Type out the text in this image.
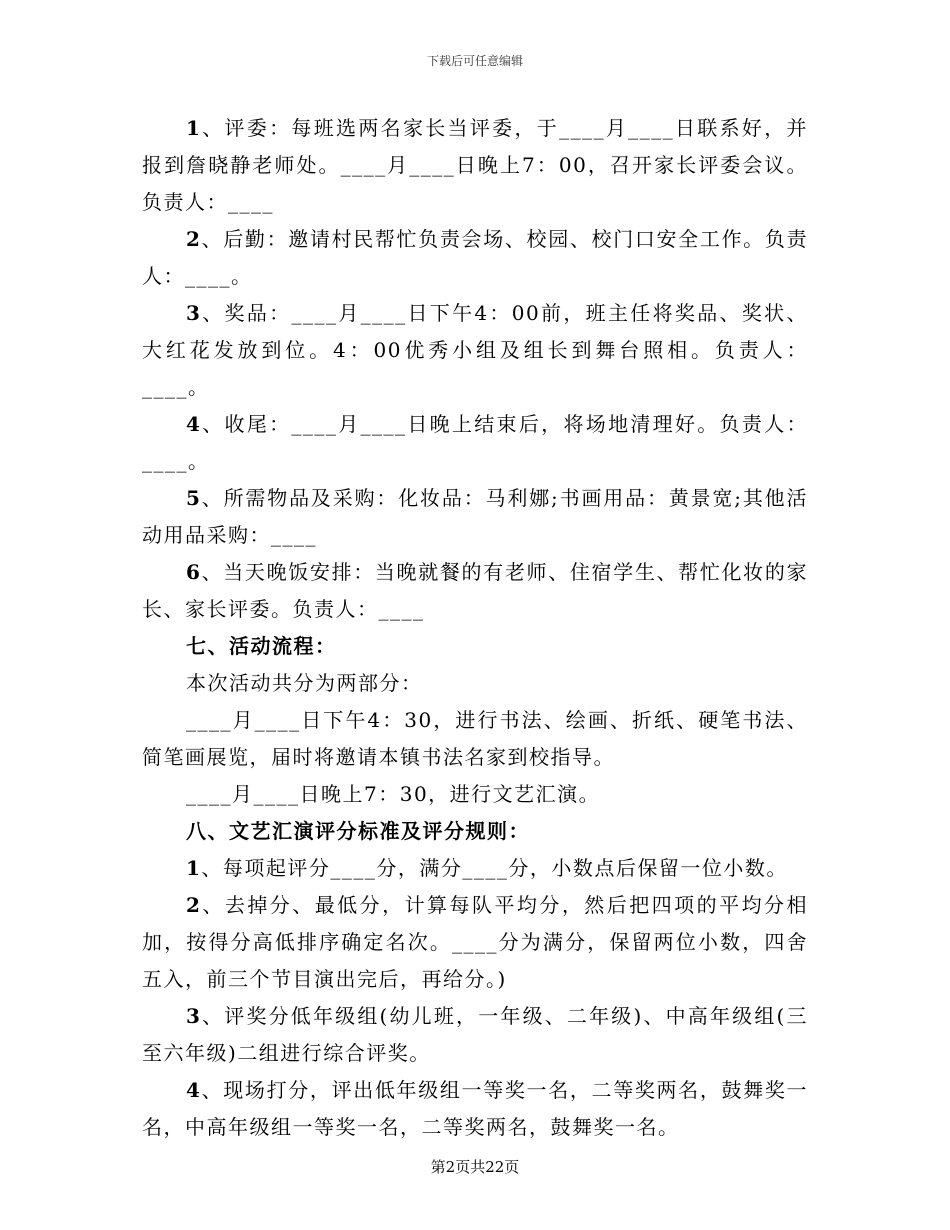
下载后可任意编辑

1、评委：每班选两名家长当评委，于____月____日联系好，并报到詹晓静老师处。____月____日晚上7：00，召开家长评委会议。负责人：____

2、后勤：邀请村民帮忙负责会场、校园、校门口安全工作。负责人：____。

3、奖品：____月____日下午4：00前，班主任将奖品、奖状、大红花发放到位。4：00优秀小组及组长到舞台照相。负责人：____。

4、收尾：____月____日晚上结束后，将场地清理好。负责人：____。

5、所需物品及采购：化妆品：马利娜;书画用品：黄景宽;其他活动用品采购：____

6、当天晚饭安排：当晚就餐的有老师、住宿学生、帮忙化妆的家长、家长评委。负责人：____

七、活动流程：

本次活动共分为两部分：

____月____日下午4：30，进行书法、绘画、折纸、硬笔书法、简笔画展览，届时将邀请本镇书法名家到校指导。

____月____日晚上7：30，进行文艺汇演。

八、文艺汇演评分标准及评分规则：

1、每项起评分____分，满分____分，小数点后保留一位小数。

2、去掉分、最低分，计算每队平均分，然后把四项的平均分相加，按得分高低排序确定名次。____分为满分，保留两位小数，四舍五入，前三个节目演出完后，再给分。)

3、评奖分低年级组(幼儿班，一年级、二年级)、中高年级组(三至六年级)二组进行综合评奖。

4、现场打分，评出低年级组一等奖一名，二等奖两名，鼓舞奖一名，中高年级组一等奖一名，二等奖两名，鼓舞奖一名。

第2页共22页
